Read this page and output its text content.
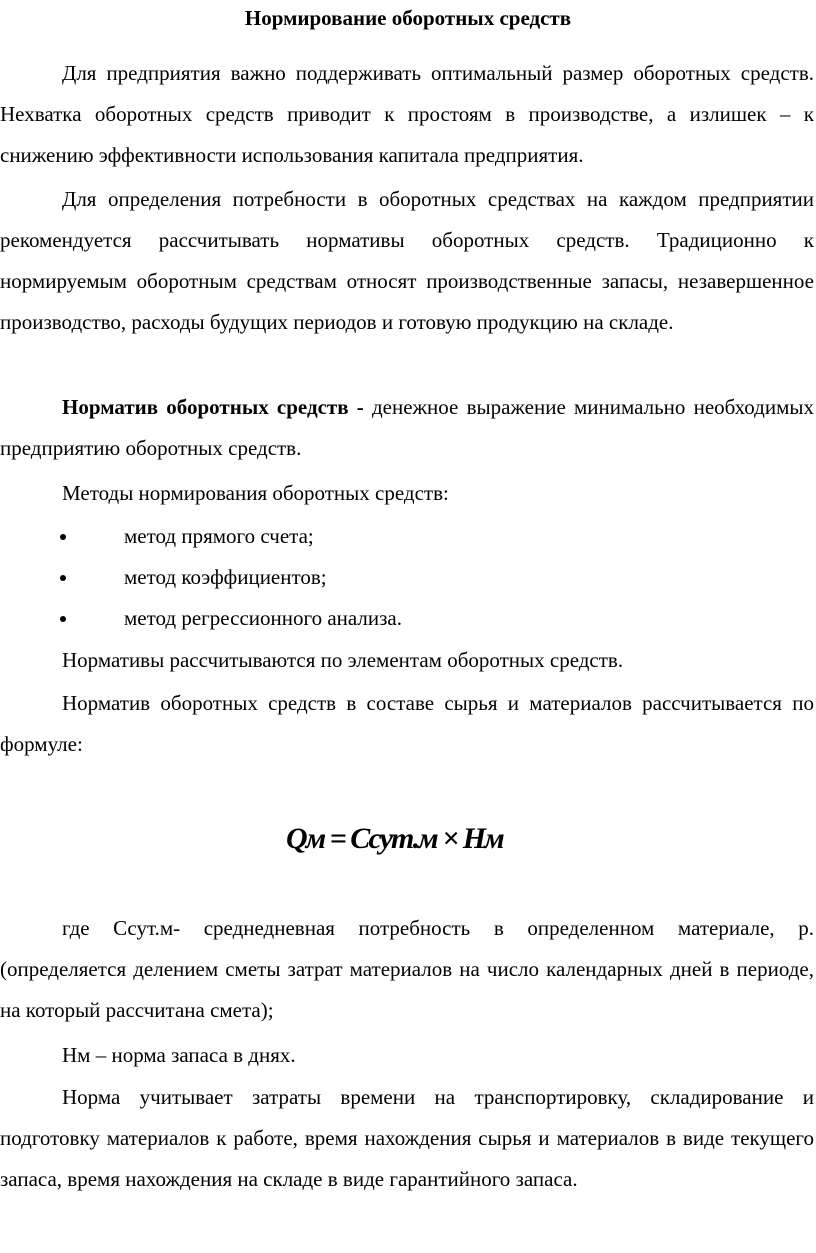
Нормирование оборотных средств

Для предприятия важно поддерживать оптимальный размер оборотных средств. Нехватка оборотных средств приводит к простоям в производстве, а излишек – к снижению эффективности использования капитала предприятия.

Для определения потребности в оборотных средствах на каждом предприятии рекомендуется рассчитывать нормативы оборотных средств. Традиционно к нормируемым оборотным средствам относят производственные запасы, незавершенное производство, расходы будущих периодов и готовую продукцию на складе.

Норматив оборотных средств - денежное выражение минимально необходимых предприятию оборотных средств.

Методы нормирования оборотных средств:

метод прямого счета;
метод коэффициентов;
метод регрессионного анализа.

Нормативы рассчитываются по элементам оборотных средств.

Норматив оборотных средств в составе сырья и материалов рассчитывается по формуле:

Qм = Ссут.м × Нм

где Ссут.м- среднедневная потребность в определенном материале, р. (определяется делением сметы затрат материалов на число календарных дней в периоде, на который рассчитана смета);

Нм – норма запаса в днях.

Норма учитывает затраты времени на транспортировку, складирование и подготовку материалов к работе, время нахождения сырья и материалов в виде текущего запаса, время нахождения на складе в виде гарантийного запаса.
